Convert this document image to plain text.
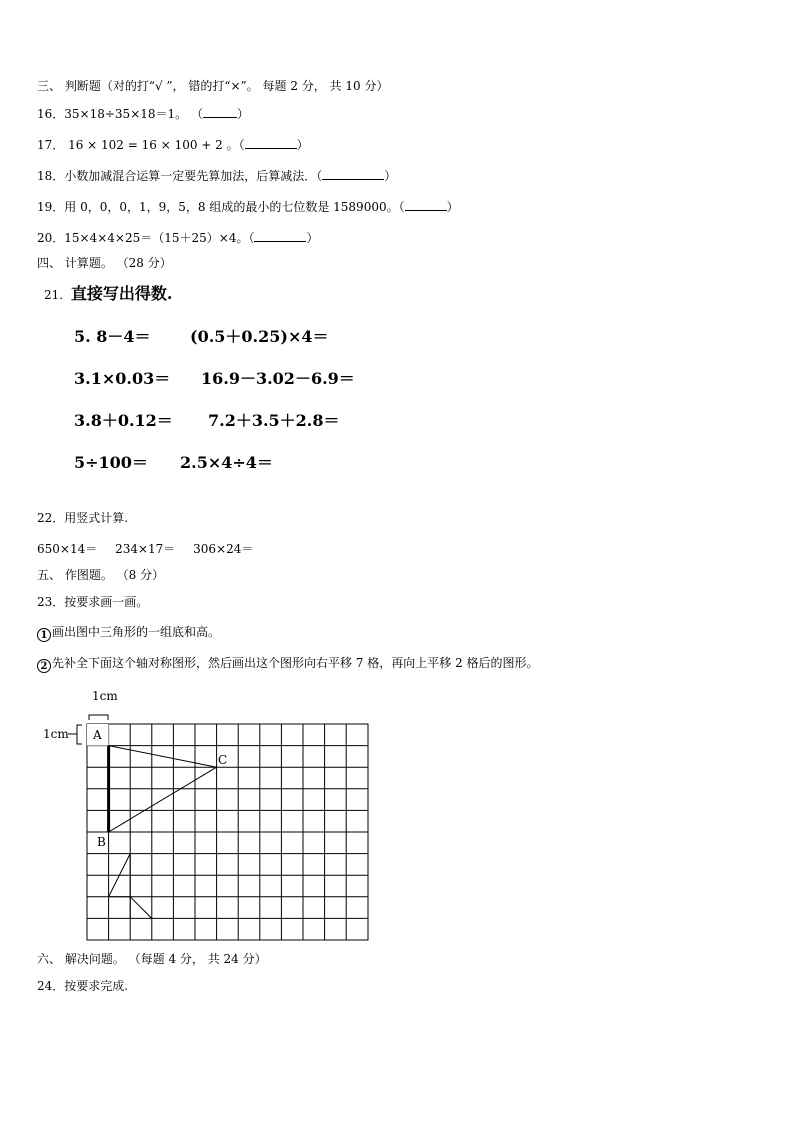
三、 判断题（对的打“√ ”， 错的打“×”。 每题 2 分， 共 10 分）
16．35×18÷35×18＝1。 （	）
17． 16 × 102 = 16 × 100 + 2 。（	）
18．小数加减混合运算一定要先算加法，后算减法．（	）
19．用 0，0，0，1，9，5，8 组成的最小的七位数是 1589000。（	）
20．15×4×4×25＝（15＋25）×4。（	）
四、 计算题。 （28 分）
21. 直接写出得数.
5. 8－4＝ (0.5＋0.25)×4＝
3.1×0.03＝ 16.9－3.02－6.9＝
3.8＋0.12＝ 7.2＋3.5＋2.8＝
5÷100＝ 2.5×4÷4＝
22．用竖式计算.
650×14＝ 234×17＝ 306×24＝
五、 作图题。 （8 分）
23．按要求画一画。
1 画出图中三角形的一组底和高。
2 先补全下面这个轴对称图形，然后画出这个图形向右平移 7 格，再向上平移 2 格后的图形。
1cm
1cm A
B
C
六、 解决问题。 （每题 4 分， 共 24 分）
24．按要求完成.
